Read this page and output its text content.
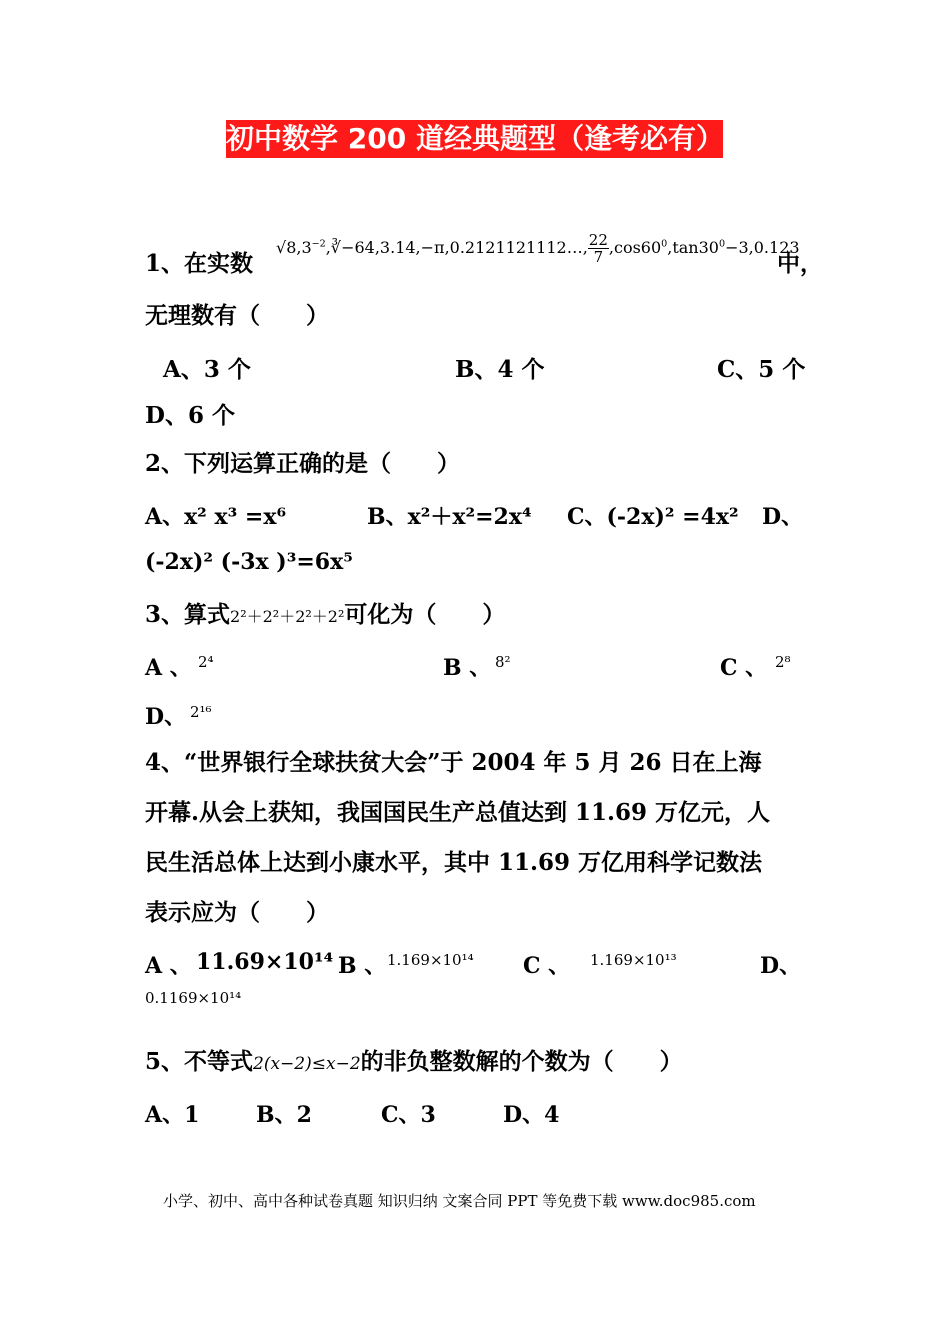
初中数学 200 道经典题型（逢考必有）
1、在实数
$√8,3^{-2},∛-64,3.14,-\pi,0.2121121112\dots$, $\frac{22}{7} ,\cos 60^0,\tan 30^0-3,0.123$
中，
无理数有（　　）
A、3 个	B、4 个	C、5 个
D、6 个
2、下列运算正确的是（　　）
A、x² x³ =x⁶	B、x²＋x²=2x⁴ C、(-2x)² =4x² D、
(-2x)² (-3x )³=6x⁵
3、算式2²＋2²＋2²＋2²可化为（　　）
A 、 2⁴	B 、 8²	C 、 2⁸
D、 2¹⁶
4、“世界银行全球扶贫大会”于 2004 年 5 月 26 日在上海
开幕.从会上获知，我国国民生产总值达到 11.69 万亿元，人
民生活总体上达到小康水平，其中 11.69 万亿用科学记数法
表示应为（　　）
A 、 11.69×10¹⁴ B 、 1.169×10¹⁴ C 、 1.169×10¹³	D、
0.1169×10¹⁴
5、不等式2(x−2)≤x−2的非负整数解的个数为（　　）
A、1	B、2	C、3	D、4
小学、初中、高中各种试卷真题 知识归纳 文案合同 PPT 等免费下载 www.doc985.com
